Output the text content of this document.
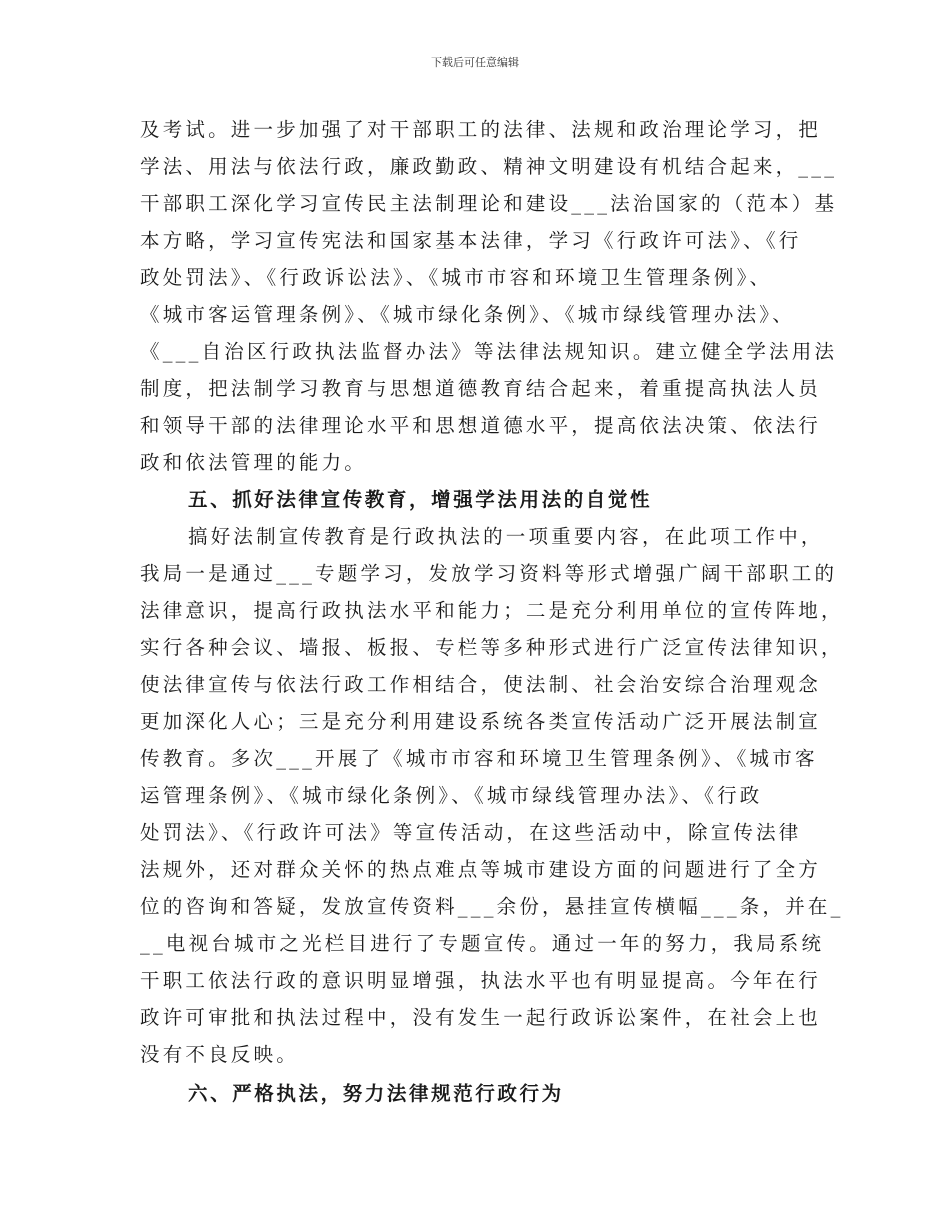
下载后可任意编辑
及考试。进一步加强了对干部职工的法律、法规和政治理论学习，把
学法、用法与依法行政，廉政勤政、精神文明建设有机结合起来，___
干部职工深化学习宣传民主法制理论和建设___法治国家的（范本）基
本方略，学习宣传宪法和国家基本法律，学习《行政许可法》、《行
政处罚法》、《行政诉讼法》、《城市市容和环境卫生管理条例》、
《城市客运管理条例》、《城市绿化条例》、《城市绿线管理办法》、
《___自治区行政执法监督办法》等法律法规知识。建立健全学法用法
制度，把法制学习教育与思想道德教育结合起来，着重提高执法人员
和领导干部的法律理论水平和思想道德水平，提高依法决策、依法行
政和依法管理的能力。
五、抓好法律宣传教育，增强学法用法的自觉性
搞好法制宣传教育是行政执法的一项重要内容，在此项工作中，
我局一是通过___专题学习，发放学习资料等形式增强广阔干部职工的
法律意识，提高行政执法水平和能力；二是充分利用单位的宣传阵地，
实行各种会议、墙报、板报、专栏等多种形式进行广泛宣传法律知识，
使法律宣传与依法行政工作相结合，使法制、社会治安综合治理观念
更加深化人心；三是充分利用建设系统各类宣传活动广泛开展法制宣
传教育。多次___开展了《城市市容和环境卫生管理条例》、《城市客
运管理条例》、《城市绿化条例》、《城市绿线管理办法》、《行政
处罚法》、《行政许可法》等宣传活动，在这些活动中，除宣传法律
法规外，还对群众关怀的热点难点等城市建设方面的问题进行了全方
位的咨询和答疑，发放宣传资料___余份，悬挂宣传横幅___条，并在_
__电视台城市之光栏目进行了专题宣传。通过一年的努力，我局系统
干职工依法行政的意识明显增强，执法水平也有明显提高。今年在行
政许可审批和执法过程中，没有发生一起行政诉讼案件，在社会上也
没有不良反映。
六、严格执法，努力法律规范行政行为
